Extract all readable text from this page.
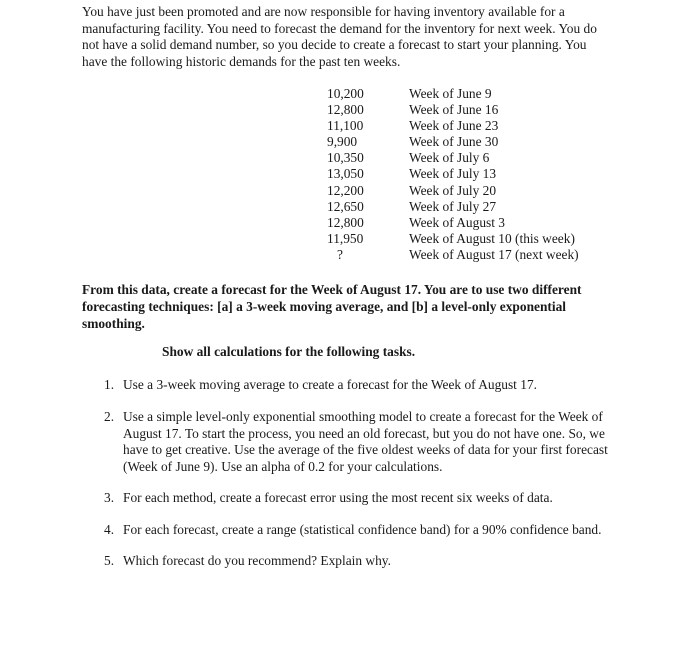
You have just been promoted and are now responsible for having inventory available for a manufacturing facility. You need to forecast the demand for the inventory for next week. You do not have a solid demand number, so you decide to create a forecast to start your planning. You have the following historic demands for the past ten weeks.

10,200	Week of June 9
12,800	Week of June 16
11,100	Week of June 23
9,900	Week of June 30
10,350	Week of July 6
13,050	Week of July 13
12,200	Week of July 20
12,650	Week of July 27
12,800	Week of August 3
11,950	Week of August 10 (this week)
?	Week of August 17 (next week)

From this data, create a forecast for the Week of August 17. You are to use two different forecasting techniques: [a] a 3-week moving average, and [b] a level-only exponential smoothing.

Show all calculations for the following tasks.

1. Use a 3-week moving average to create a forecast for the Week of August 17.
2. Use a simple level-only exponential smoothing model to create a forecast for the Week of August 17. To start the process, you need an old forecast, but you do not have one. So, we have to get creative. Use the average of the five oldest weeks of data for your first forecast (Week of June 9). Use an alpha of 0.2 for your calculations.
3. For each method, create a forecast error using the most recent six weeks of data.
4. For each forecast, create a range (statistical confidence band) for a 90% confidence band.
5. Which forecast do you recommend? Explain why.
